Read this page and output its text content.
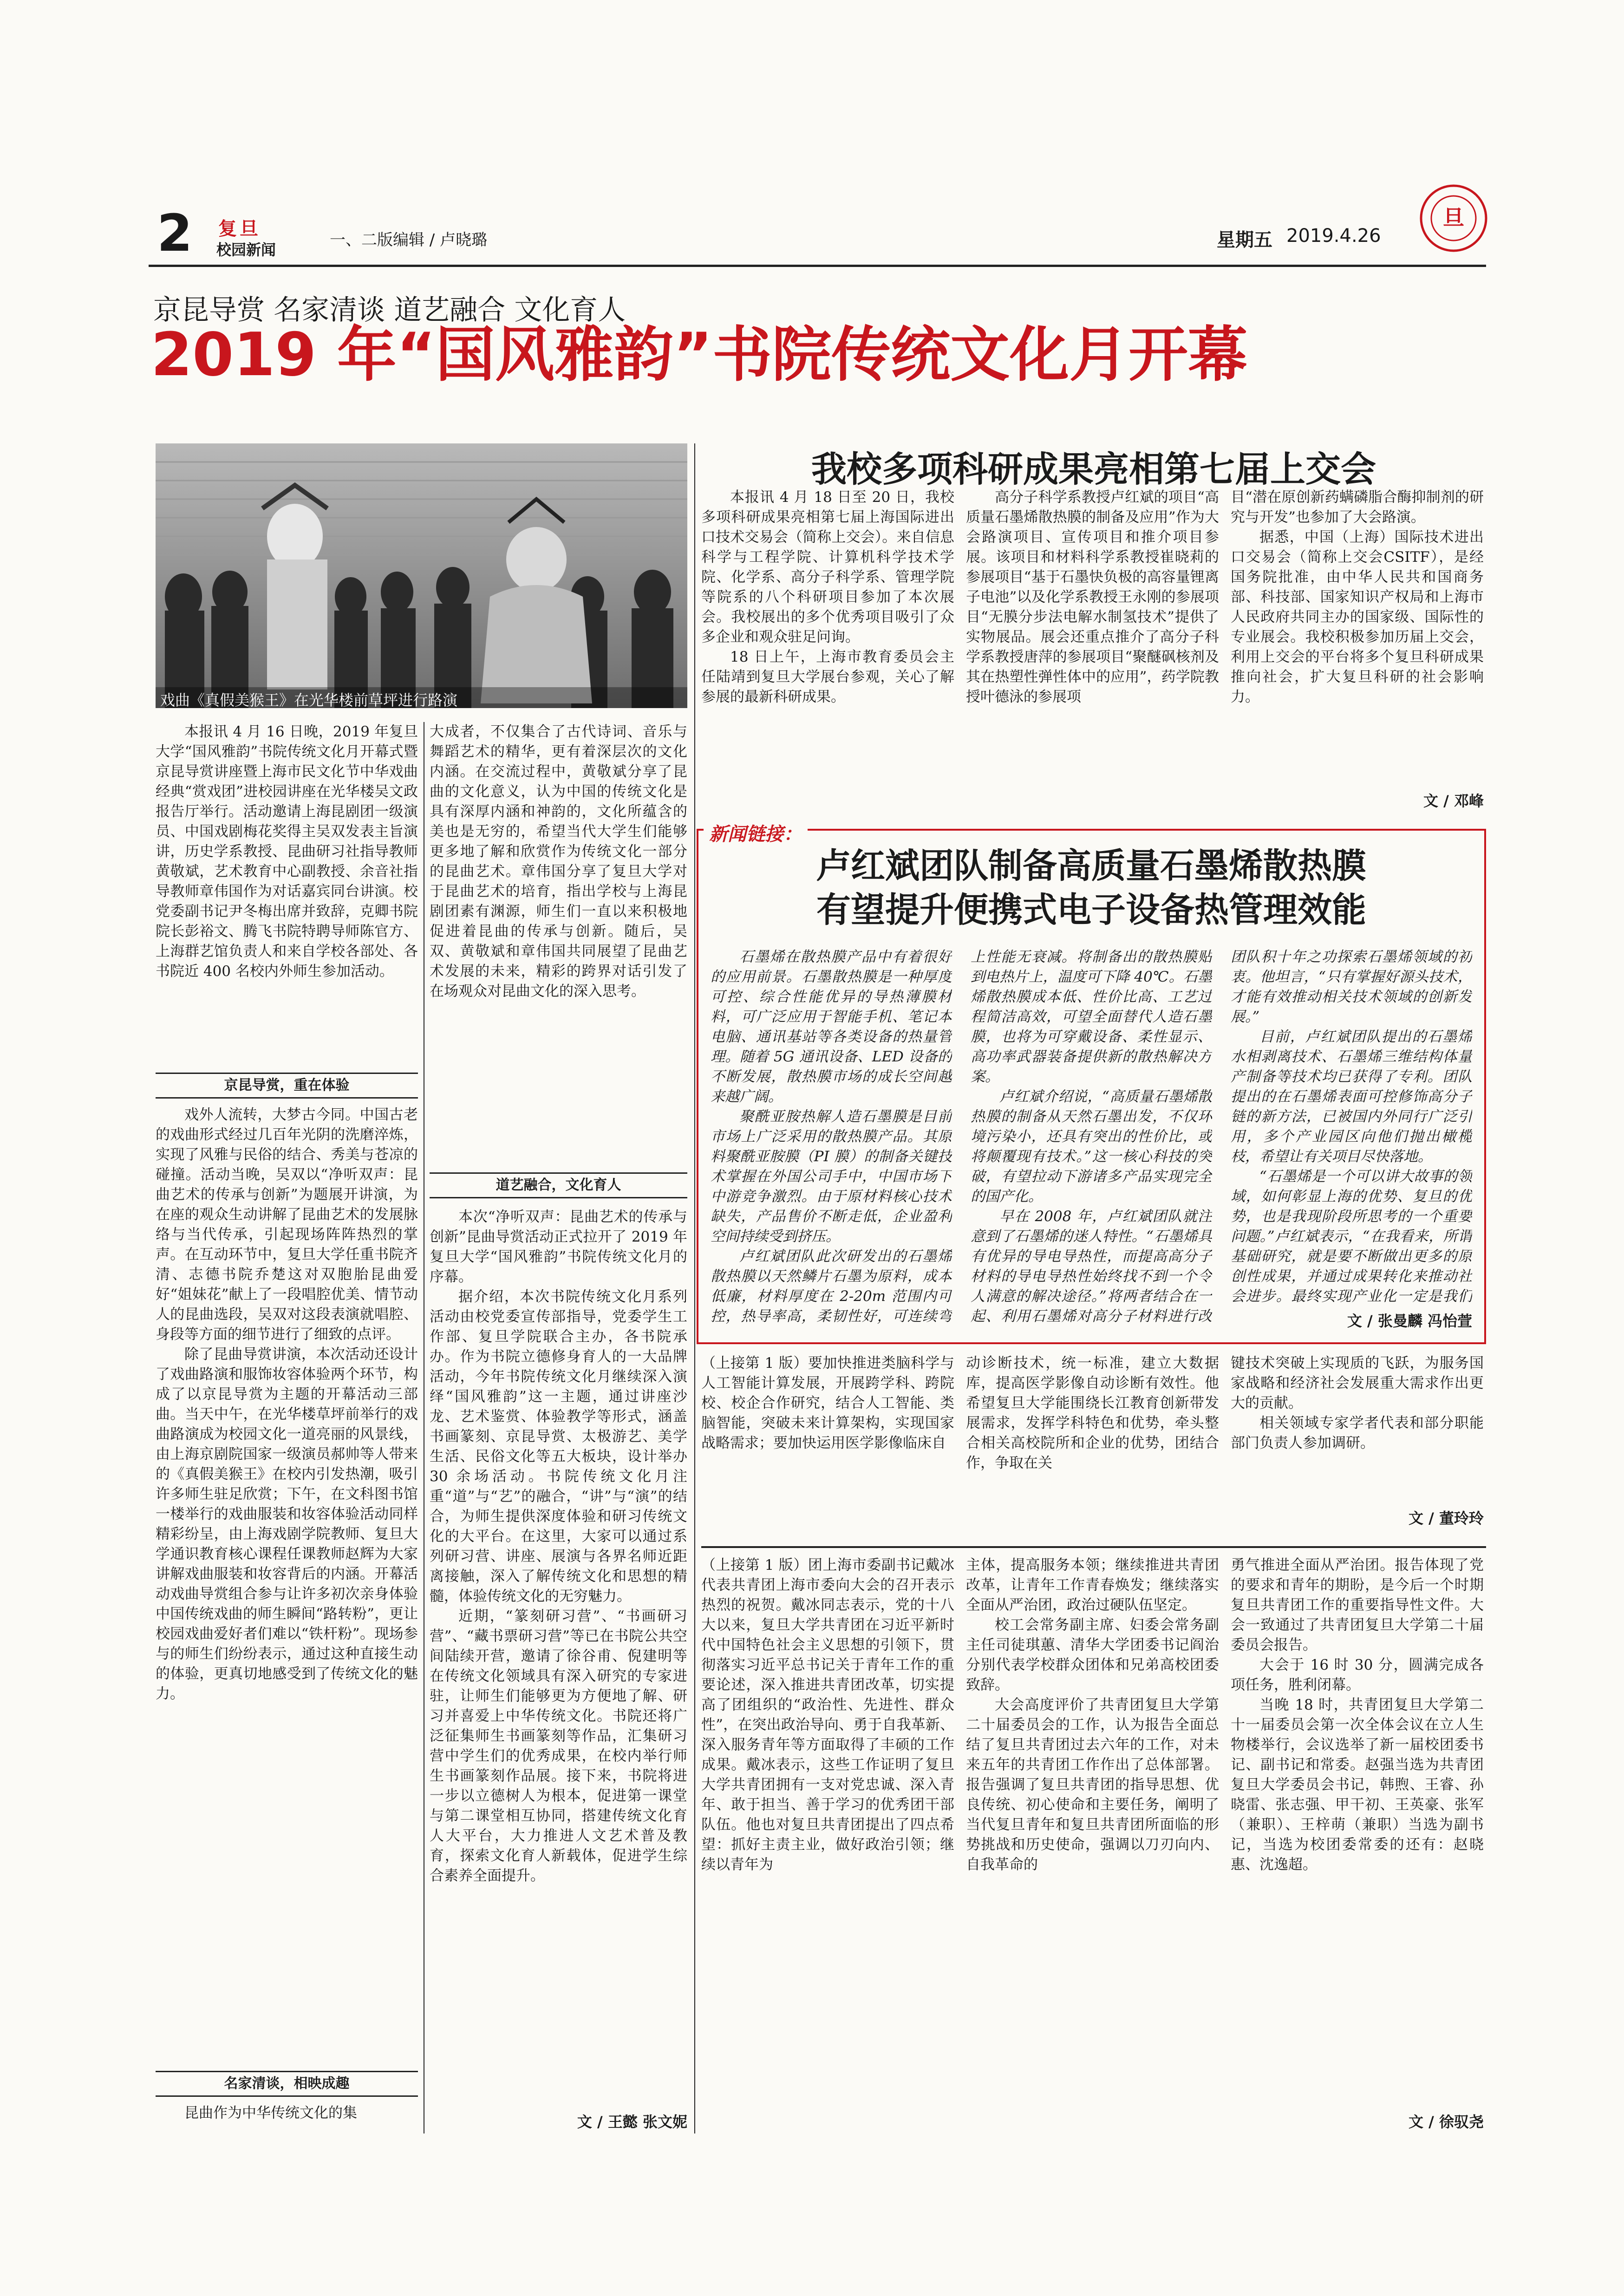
2 复旦
校园新闻
一、二版编辑 / 卢晓璐	星期五 2019.4.26
旦
京昆导赏 名家清谈 道艺融合 文化育人
2019 年“国风雅韵”书院传统文化月开幕
戏曲《真假美猴王》在光华楼前草坪进行路演

本报讯 4 月 16 日晚，2019 年复旦大学“国风雅韵”书院传统文化月开幕式暨京昆导赏讲座暨上海市民文化节中华戏曲经典“赏戏团”进校园讲座在光华楼吴文政报告厅举行。活动邀请上海昆剧团一级演员、中国戏剧梅花奖得主吴双发表主旨演讲，历史学系教授、昆曲研习社指导教师黄敬斌，艺术教育中心副教授、余音社指导教师章伟国作为对话嘉宾同台讲演。校党委副书记尹冬梅出席并致辞，克卿书院院长彭裕文、腾飞书院特聘导师陈官方、上海群艺馆负责人和来自学校各部处、各书院近 400 名校内外师生参加活动。

京昆导赏，重在体验

戏外人流转，大梦古今同。中国古老的戏曲形式经过几百年光阴的洗磨淬炼，实现了风雅与民俗的结合、秀美与苍凉的碰撞。活动当晚，吴双以“净听双声：昆曲艺术的传承与创新”为题展开讲演，为在座的观众生动讲解了昆曲艺术的发展脉络与当代传承，引起现场阵阵热烈的掌声。在互动环节中，复旦大学任重书院齐清、志德书院乔楚这对双胞胎昆曲爱好“姐妹花”献上了一段唱腔优美、情节动人的昆曲选段，吴双对这段表演就唱腔、身段等方面的细节进行了细致的点评。

除了昆曲导赏讲演，本次活动还设计了戏曲路演和服饰妆容体验两个环节，构成了以京昆导赏为主题的开幕活动三部曲。当天中午，在光华楼草坪前举行的戏曲路演成为校园文化一道亮丽的风景线，由上海京剧院国家一级演员郝帅等人带来的《真假美猴王》在校内引发热潮，吸引许多师生驻足欣赏；下午，在文科图书馆一楼举行的戏曲服装和妆容体验活动同样精彩纷呈，由上海戏剧学院教师、复旦大学通识教育核心课程任课教师赵辉为大家讲解戏曲服装和妆容背后的内涵。开幕活动戏曲导赏组合参与让许多初次亲身体验中国传统戏曲的师生瞬间“路转粉”，更让校园戏曲爱好者们难以“铁杆粉”。现场参与的师生们纷纷表示，通过这种直接生动的体验，更真切地感受到了传统文化的魅力。

名家清谈，相映成趣

昆曲作为中华传统文化的集

大成者，不仅集合了古代诗词、音乐与舞蹈艺术的精华，更有着深层次的文化内涵。在交流过程中，黄敬斌分享了昆曲的文化意义，认为中国的传统文化是具有深厚内涵和神韵的，文化所蕴含的美也是无穷的，希望当代大学生们能够更多地了解和欣赏作为传统文化一部分的昆曲艺术。章伟国分享了复旦大学对于昆曲艺术的培育，指出学校与上海昆剧团素有渊源，师生们一直以来积极地促进着昆曲的传承与创新。随后，吴双、黄敬斌和章伟国共同展望了昆曲艺术发展的未来，精彩的跨界对话引发了在场观众对昆曲文化的深入思考。

道艺融合，文化育人

本次“净听双声：昆曲艺术的传承与创新”昆曲导赏活动正式拉开了 2019 年复旦大学“国风雅韵”书院传统文化月的序幕。

据介绍，本次书院传统文化月系列活动由校党委宣传部指导，党委学生工作部、复旦学院联合主办，各书院承办。作为书院立德修身育人的一大品牌活动，今年书院传统文化月继续深入演绎“国风雅韵”这一主题，通过讲座沙龙、艺术鉴赏、体验教学等形式，涵盖书画篆刻、京昆导赏、太极游艺、美学生活、民俗文化等五大板块，设计举办 30 余场活动。书院传统文化月注重“道”与“艺”的融合，“讲”与“演”的结合，为师生提供深度体验和研习传统文化的大平台。在这里，大家可以通过系列研习营、讲座、展演与各界名师近距离接触，深入了解传统文化和思想的精髓，体验传统文化的无穷魅力。

近期，“篆刻研习营”、“书画研习营”、“藏书票研习营”等已在书院公共空间陆续开营，邀请了徐谷甫、倪建明等在传统文化领域具有深入研究的专家进驻，让师生们能够更为方便地了解、研习并喜爱上中华传统文化。书院还将广泛征集师生书画篆刻等作品，汇集研习营中学生们的优秀成果，在校内举行师生书画篆刻作品展。接下来，书院将进一步以立德树人为根本，促进第一课堂与第二课堂相互协同，搭建传统文化育人大平台，大力推进人文艺术普及教育，探索文化育人新载体，促进学生综合素养全面提升。

文 / 王懿 张文妮
我校多项科研成果亮相第七届上交会

本报讯 4 月 18 日至 20 日，我校多项科研成果亮相第七届上海国际进出口技术交易会（简称上交会）。来自信息科学与工程学院、计算机科学技术学院、化学系、高分子科学系、管理学院等院系的八个科研项目参加了本次展会。我校展出的多个优秀项目吸引了众多企业和观众驻足问询。

18 日上午，上海市教育委员会主任陆靖到复旦大学展台参观，关心了解参展的最新科研成果。

高分子科学系教授卢红斌的项目“高质量石墨烯散热膜的制备及应用”作为大会路演项目、宣传项目和推介项目参展。该项目和材料科学系教授崔晓莉的参展项目“基于石墨快负极的高容量锂离子电池”以及化学系教授王永刚的参展项目“无膜分步法电解水制氢技术”提供了实物展品。展会还重点推介了高分子科学系教授唐萍的参展项目“聚醚砜核剂及其在热塑性弹性体中的应用”，药学院教授叶德泳的参展项

目“潜在原创新药螨磷脂合酶抑制剂的研究与开发”也参加了大会路演。

据悉，中国（上海）国际技术进出口交易会（简称上交会CSITF），是经国务院批准，由中华人民共和国商务部、科技部、国家知识产权局和上海市人民政府共同主办的国家级、国际性的专业展会。我校积极参加历届上交会，利用上交会的平台将多个复旦科研成果推向社会，扩大复旦科研的社会影响力。

文 / 邓峰
新闻链接：
卢红斌团队制备高质量石墨烯散热膜
有望提升便携式电子设备热管理效能

石墨烯在散热膜产品中有着很好的应用前景。石墨散热膜是一种厚度可控、综合性能优异的导热薄膜材料，可广泛应用于智能手机、笔记本电脑、通讯基站等各类设备的热量管理。随着 5G 通讯设备、LED 设备的不断发展，散热膜市场的成长空间越来越广阔。

聚酰亚胺热解人造石墨膜是目前市场上广泛采用的散热膜产品。其原料聚酰亚胺膜（PI 膜）的制备关键技术掌握在外国公司手中，中国市场下中游竞争激烈。由于原材料核心技术缺失，产品售价不断走低，企业盈利空间持续受到挤压。

卢红斌团队此次研发出的石墨烯散热膜以天然鳞片石墨为原料，成本低廉，材料厚度在 2-20m 范围内可控，热导率高，柔韧性好，可连续弯

上性能无衰减。将制备出的散热膜贴到电热片上，温度可下降 40℃。石墨烯散热膜成本低、性价比高、工艺过程简洁高效，可望全面替代人造石墨膜，也将为可穿戴设备、柔性显示、高功率武器装备提供新的散热解决方案。

卢红斌介绍说，“高质量石墨烯散热膜的制备从天然石墨出发，不仅环境污染小，还具有突出的性价比，或将颠覆现有技术。”这一核心科技的突破，有望拉动下游诸多产品实现完全的国产化。

早在 2008 年，卢红斌团队就注意到了石墨烯的迷人特性。“石墨烯具有优异的导电导热性，而提高高分子材料的导电导热性始终找不到一个令人满意的解决途径。”将两者结合在一起、利用石墨烯对高分子材料进行改

团队积十年之功探索石墨烯领域的初衷。他坦言，“只有掌握好源头技术，才能有效推动相关技术领域的创新发展。”

目前，卢红斌团队提出的石墨烯水相剥离技术、石墨烯三维结构体量产制备等技术均已获得了专利。团队提出的在石墨烯表面可控修饰高分子链的新方法，已被国内外同行广泛引用，多个产业园区向他们抛出橄榄枝，希望让有关项目尽快落地。

“石墨烯是一个可以讲大故事的领域，如何彰显上海的优势、复旦的优势，也是我现阶段所思考的一个重要问题。”卢红斌表示，“在我看来，所谓基础研究，就是要不断做出更多的原创性成果，并通过成果转化来推动社会进步。最终实现产业化一定是我们

文 / 张曼麟 冯怡萱

（上接第 1 版）要加快推进类脑科学与人工智能计算发展，开展跨学科、跨院校、校企合作研究，结合人工智能、类脑智能，突破未来计算架构，实现国家战略需求；要加快运用医学影像临床自

动诊断技术，统一标准，建立大数据库，提高医学影像自动诊断有效性。他希望复旦大学能围绕长江教育创新带发展需求，发挥学科特色和优势，牵头整合相关高校院所和企业的优势，团结合作，争取在关

键技术突破上实现质的飞跃，为服务国家战略和经济社会发展重大需求作出更大的贡献。

相关领域专家学者代表和部分职能部门负责人参加调研。

文 / 董玲玲

（上接第 1 版）团上海市委副书记戴冰代表共青团上海市委向大会的召开表示热烈的祝贺。戴冰同志表示，党的十八大以来，复旦大学共青团在习近平新时代中国特色社会主义思想的引领下，贯彻落实习近平总书记关于青年工作的重要论述，深入推进共青团改革，切实提高了团组织的“政治性、先进性、群众性”，在突出政治导向、勇于自我革新、深入服务青年等方面取得了丰硕的工作成果。戴冰表示，这些工作证明了复旦大学共青团拥有一支对党忠诚、深入青年、敢于担当、善于学习的优秀团干部队伍。他也对复旦共青团提出了四点希望：抓好主责主业，做好政治引领；继续以青年为

主体，提高服务本领；继续推进共青团改革，让青年工作青春焕发；继续落实全面从严治团，政治过硬队伍坚定。

校工会常务副主席、妇委会常务副主任司徒琪蕙、清华大学团委书记阎治分别代表学校群众团体和兄弟高校团委致辞。

大会高度评价了共青团复旦大学第二十届委员会的工作，认为报告全面总结了复旦共青团过去六年的工作，对未来五年的共青团工作作出了总体部署。报告强调了复旦共青团的指导思想、优良传统、初心使命和主要任务，阐明了当代复旦青年和复旦共青团所面临的形势挑战和历史使命，强调以刀刃向内、自我革命的

勇气推进全面从严治团。报告体现了党的要求和青年的期盼，是今后一个时期复旦共青团工作的重要指导性文件。大会一致通过了共青团复旦大学第二十届委员会报告。

大会于 16 时 30 分，圆满完成各项任务，胜利闭幕。

当晚 18 时，共青团复旦大学第二十一届委员会第一次全体会议在立人生物楼举行，会议选举了新一届校团委书记、副书记和常委。赵强当选为共青团复旦大学委员会书记，韩煦、王睿、孙晓雷、张志强、甲干初、王英豪、张军（兼职）、王梓萌（兼职）当选为副书记，当选为校团委常委的还有：赵晓惠、沈逸超。

文 / 徐驭尧
